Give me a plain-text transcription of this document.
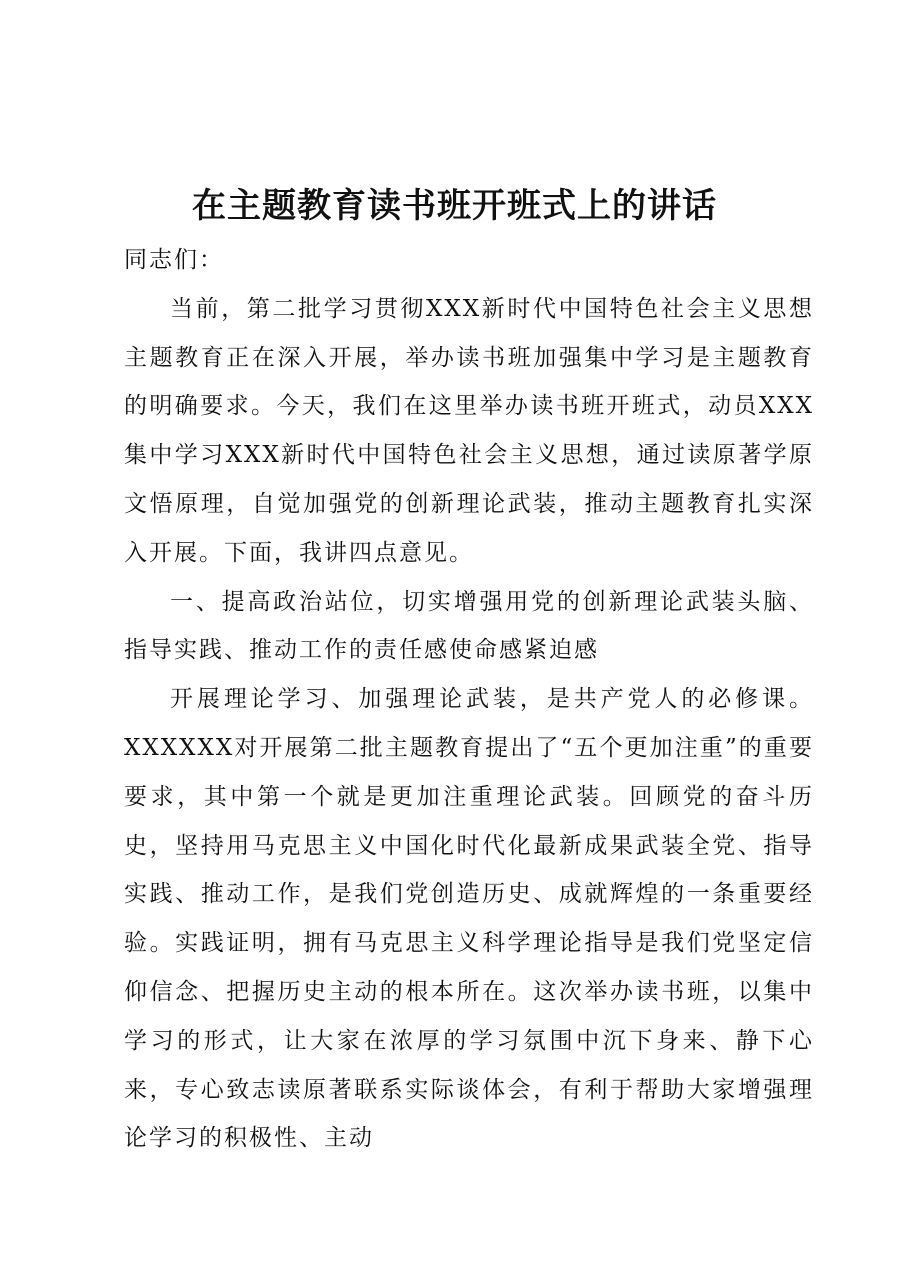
在主题教育读书班开班式上的讲话

同志们：

当前，第二批学习贯彻XXX新时代中国特色社会主义思想主题教育正在深入开展，举办读书班加强集中学习是主题教育的明确要求。今天，我们在这里举办读书班开班式，动员XXX集中学习XXX新时代中国特色社会主义思想，通过读原著学原文悟原理，自觉加强党的创新理论武装，推动主题教育扎实深入开展。下面，我讲四点意见。

一、提高政治站位，切实增强用党的创新理论武装头脑、指导实践、推动工作的责任感使命感紧迫感

开展理论学习、加强理论武装，是共产党人的必修课。XXXXXX对开展第二批主题教育提出了“五个更加注重”的重要要求，其中第一个就是更加注重理论武装。回顾党的奋斗历史，坚持用马克思主义中国化时代化最新成果武装全党、指导实践、推动工作，是我们党创造历史、成就辉煌的一条重要经验。实践证明，拥有马克思主义科学理论指导是我们党坚定信仰信念、把握历史主动的根本所在。这次举办读书班，以集中学习的形式，让大家在浓厚的学习氛围中沉下身来、静下心来，专心致志读原著联系实际谈体会，有利于帮助大家增强理论学习的积极性、主动
